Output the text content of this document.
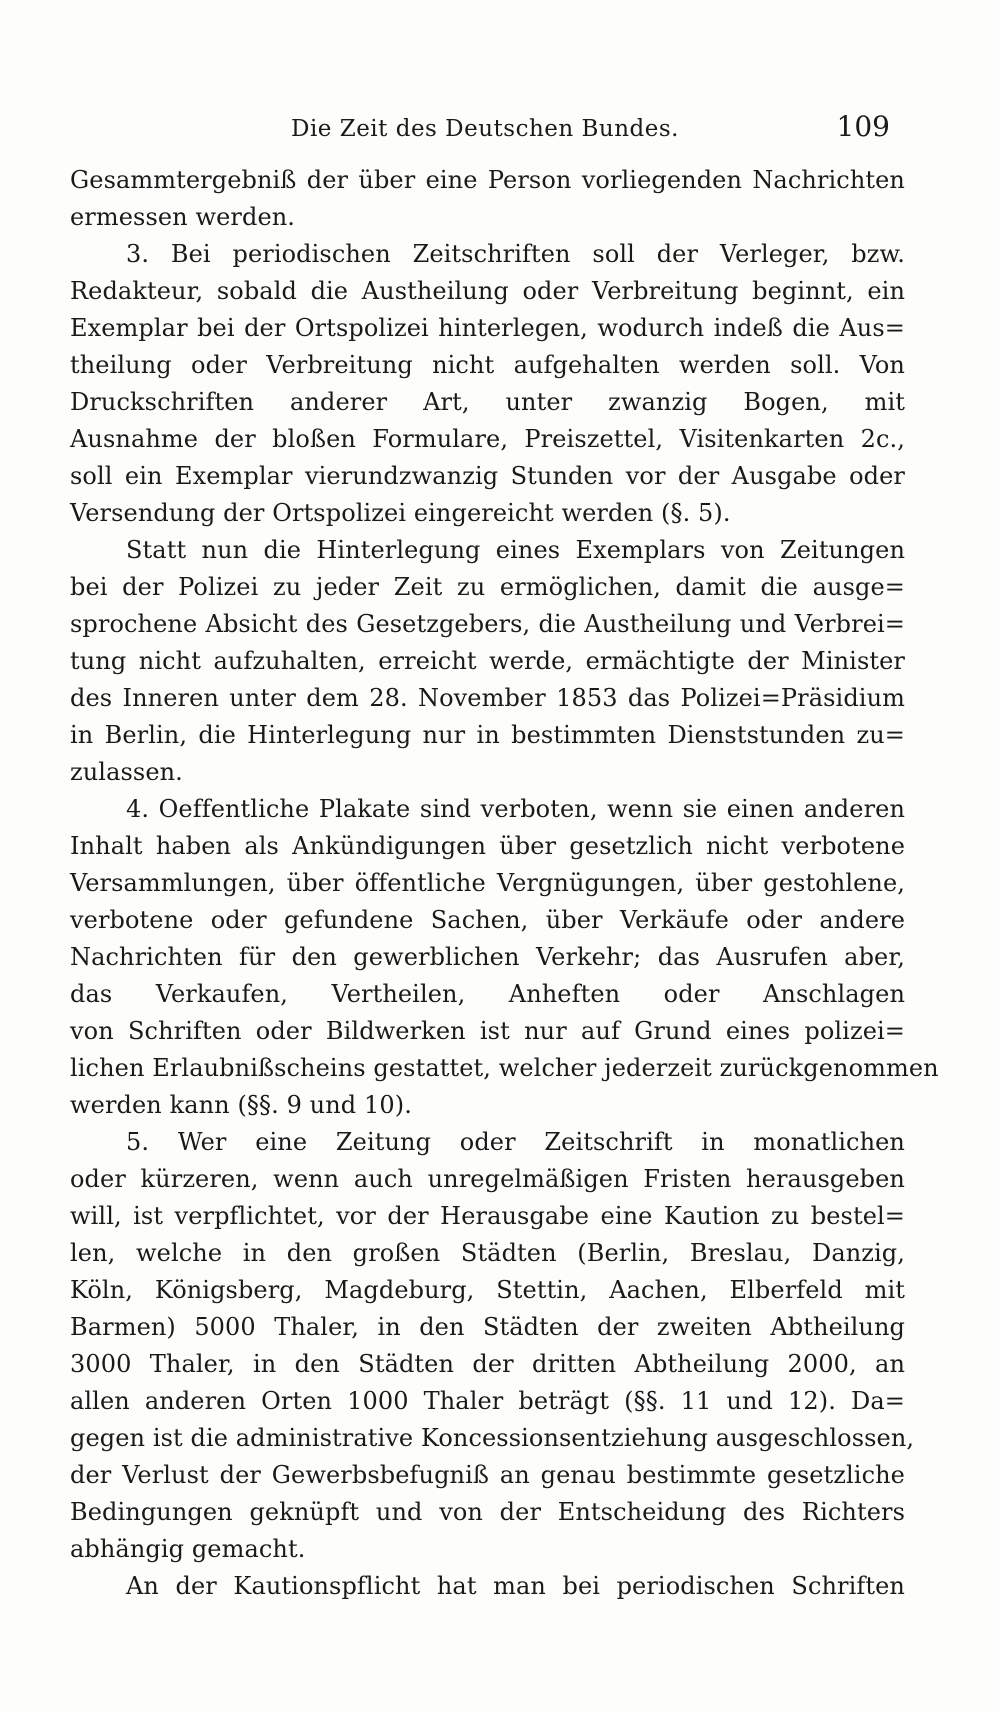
Die Zeit des Deutschen Bundes.	109
Gesammtergebniß der über eine Person vorliegenden Nachrichten
ermessen werden.
3. Bei periodischen Zeitschriften soll der Verleger, bzw.
Redakteur, sobald die Austheilung oder Verbreitung beginnt, ein
Exemplar bei der Ortspolizei hinterlegen, wodurch indeß die Aus=
theilung oder Verbreitung nicht aufgehalten werden soll. Von
Druckschriften anderer Art, unter zwanzig Bogen, mit
Ausnahme der bloßen Formulare, Preiszettel, Visitenkarten 2c.,
soll ein Exemplar vierundzwanzig Stunden vor der Ausgabe oder
Versendung der Ortspolizei eingereicht werden (§. 5).
Statt nun die Hinterlegung eines Exemplars von Zeitungen
bei der Polizei zu jeder Zeit zu ermöglichen, damit die ausge=
sprochene Absicht des Gesetzgebers, die Austheilung und Verbrei=
tung nicht aufzuhalten, erreicht werde, ermächtigte der Minister
des Inneren unter dem 28. November 1853 das Polizei=Präsidium
in Berlin, die Hinterlegung nur in bestimmten Dienststunden zu=
zulassen.
4. Oeffentliche Plakate sind verboten, wenn sie einen anderen
Inhalt haben als Ankündigungen über gesetzlich nicht verbotene
Versammlungen, über öffentliche Vergnügungen, über gestohlene,
verbotene oder gefundene Sachen, über Verkäufe oder andere
Nachrichten für den gewerblichen Verkehr; das Ausrufen aber,
das Verkaufen, Vertheilen, Anheften oder Anschlagen
von Schriften oder Bildwerken ist nur auf Grund eines polizei=
lichen Erlaubnißscheins gestattet, welcher jederzeit zurückgenommen
werden kann (§§. 9 und 10).
5. Wer eine Zeitung oder Zeitschrift in monatlichen
oder kürzeren, wenn auch unregelmäßigen Fristen herausgeben
will, ist verpflichtet, vor der Herausgabe eine Kaution zu bestel=
len, welche in den großen Städten (Berlin, Breslau, Danzig,
Köln, Königsberg, Magdeburg, Stettin, Aachen, Elberfeld mit
Barmen) 5000 Thaler, in den Städten der zweiten Abtheilung
3000 Thaler, in den Städten der dritten Abtheilung 2000, an
allen anderen Orten 1000 Thaler beträgt (§§. 11 und 12). Da=
gegen ist die administrative Koncessionsentziehung ausgeschlossen,
der Verlust der Gewerbsbefugniß an genau bestimmte gesetzliche
Bedingungen geknüpft und von der Entscheidung des Richters
abhängig gemacht.
An der Kautionspflicht hat man bei periodischen Schriften
